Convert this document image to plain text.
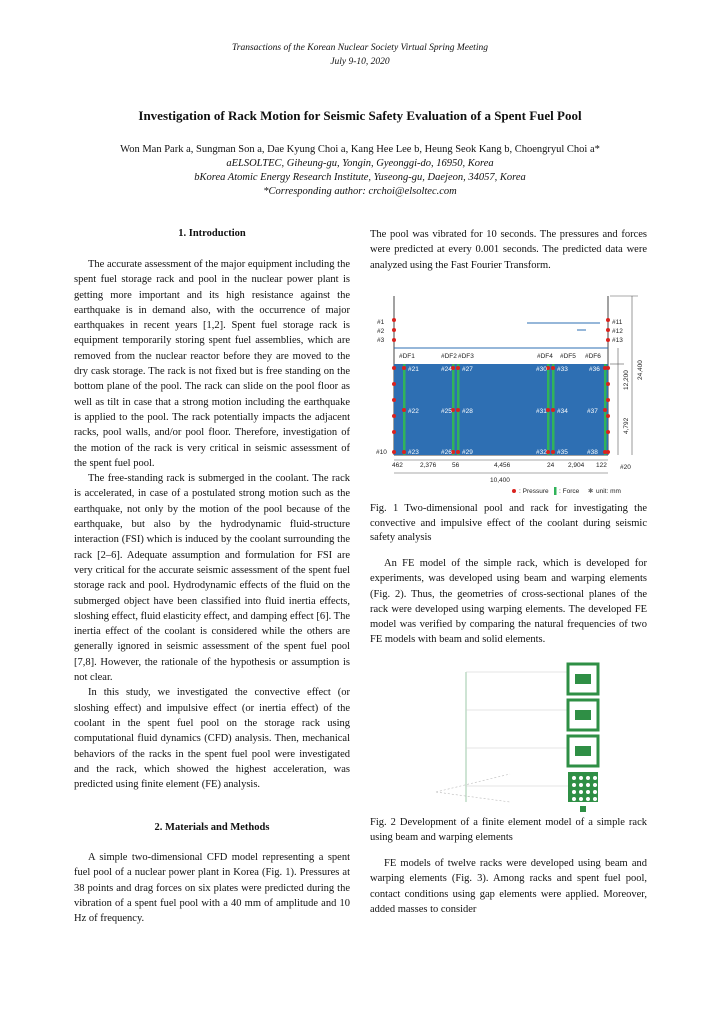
Transactions of the Korean Nuclear Society Virtual Spring Meeting
July 9-10, 2020
Investigation of Rack Motion for Seismic Safety Evaluation of a Spent Fuel Pool
Won Man Park a, Sungman Son a, Dae Kyung Choi a, Kang Hee Lee b, Heung Seok Kang b, Choengryul Choi a*
aELSOLTEC, Giheung-gu, Yongin, Gyeonggi-do, 16950, Korea
bKorea Atomic Energy Research Institute, Yuseong-gu, Daejeon, 34057, Korea
*Corresponding author: crchoi@elsoltec.com
1. Introduction

The accurate assessment of the major equipment including the spent fuel storage rack and pool in the nuclear power plant is getting more important and its high resistance against the earthquake is in demand also, with the occurrence of major earthquakes in recent years [1,2]. Spent fuel storage rack is equipment temporarily storing spent fuel assemblies, which are removed from the nuclear reactor before they are moved to the dry cask storage. The rack is not fixed but is free standing on the bottom plane of the pool. The rack can slide on the pool floor as well as tilt in case that a strong motion including the earthquake is applied to the pool. The rack potentially impacts the adjacent racks, pool walls, and/or pool floor. Therefore, investigation of the motion of the rack is very critical in seismic assessment of the spent fuel pool.

The free-standing rack is submerged in the coolant. The rack is accelerated, in case of a postulated strong motion such as the earthquake, not only by the motion of the pool because of the earthquake, but also by the hydrodynamic fluid-structure interaction (FSI) which is induced by the coolant surrounding the rack [2–6]. Adequate assumption and formulation for FSI are very critical for the accurate seismic assessment of the spent fuel storage rack and pool. Hydrodynamic effects of the fluid on the submerged object have been classified into fluid inertia effects, sloshing effect, fluid elasticity effect, and damping effect [6]. The inertia effect of the coolant is considered while the others are generally ignored in seismic assessment of the spent fuel pool [7,8]. However, the rationale of the hypothesis or assumption is not clear.

In this study, we investigated the convective effect (or sloshing effect) and impulsive effect (or inertia effect) of the coolant in the spent fuel pool on the storage rack using computational fluid dynamics (CFD) analysis. Then, mechanical behaviors of the racks in the spent fuel pool were investigated and the rack, which showed the highest acceleration, was predicted using finite element (FE) analysis.

2. Materials and Methods

A simple two-dimensional CFD model representing a spent fuel pool of a nuclear power plant in Korea (Fig. 1). Pressures at 38 points and drag forces on six plates were predicted during the vibration of a spent fuel pool with a 40 mm of amplitude and 10 Hz of frequency.

The pool was vibrated for 10 seconds. The pressures and forces were predicted at every 0.001 seconds. The predicted data were analyzed using the Fast Fourier Transform.

#1
#2
#3
#11
#12
#13
#DF1	#DF2 #DF3	#DF4 #DF5 #DF6
#21	#24 #27	#30 #33	#36
#22	#25 #28	#31 #34	#37
#23	#26 #29	#32 #35	#38
#10
12,200
24,400
4,792
462	2,376 56	4,456	24 2,904 122
10,400
#20
: Pressure : Force ✱ unit: mm
Fig. 1 Two-dimensional pool and rack for investigating the convective and impulsive effect of the coolant during seismic safety analysis

An FE model of the simple rack, which is developed for experiments, was developed using beam and warping elements (Fig. 2). Thus, the geometries of cross-sectional planes of the rack were developed using warping elements. The developed FE model was verified by comparing the natural frequencies of two FE models with beam and solid elements.

Fig. 2 Development of a finite element model of a simple rack using beam and warping elements

FE models of twelve racks were developed using beam and warping elements (Fig. 3). Among racks and spent fuel pool, contact conditions using gap elements were applied. Moreover, added masses to consider
